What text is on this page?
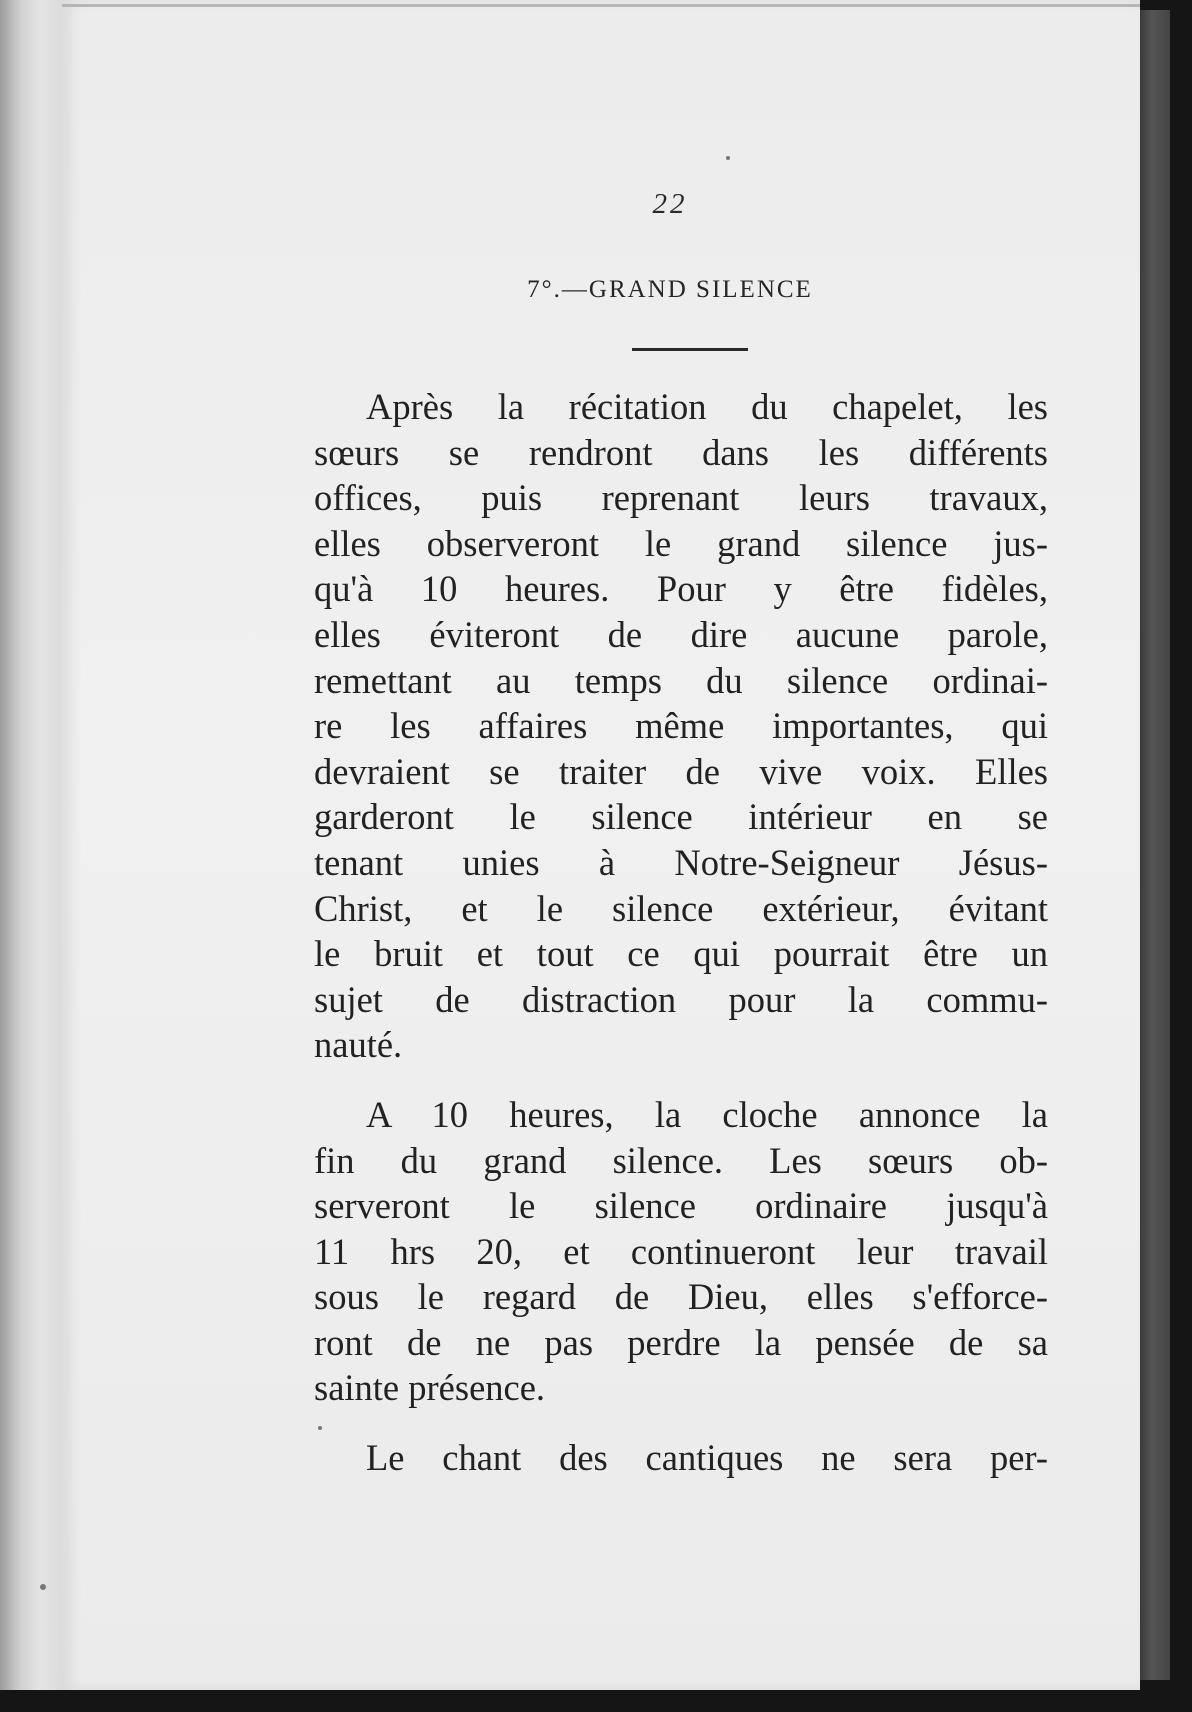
22
7°.—GRAND SILENCE

Après la récitation du chapelet, les
sœurs se rendront dans les différents
offices, puis reprenant leurs travaux,
elles observeront le grand silence jus-
qu'à 10 heures. Pour y être fidèles,
elles éviteront de dire aucune parole,
remettant au temps du silence ordinai-
re les affaires même importantes, qui
devraient se traiter de vive voix. Elles
garderont le silence intérieur en se
tenant unies à Notre-Seigneur Jésus-
Christ, et le silence extérieur, évitant
le bruit et tout ce qui pourrait être un
sujet de distraction pour la commu-
nauté.

A 10 heures, la cloche annonce la
fin du grand silence. Les sœurs ob-
serveront le silence ordinaire jusqu'à
11 hrs 20, et continueront leur travail
sous le regard de Dieu, elles s'efforce-
ront de ne pas perdre la pensée de sa
sainte présence.

Le chant des cantiques ne sera per-
